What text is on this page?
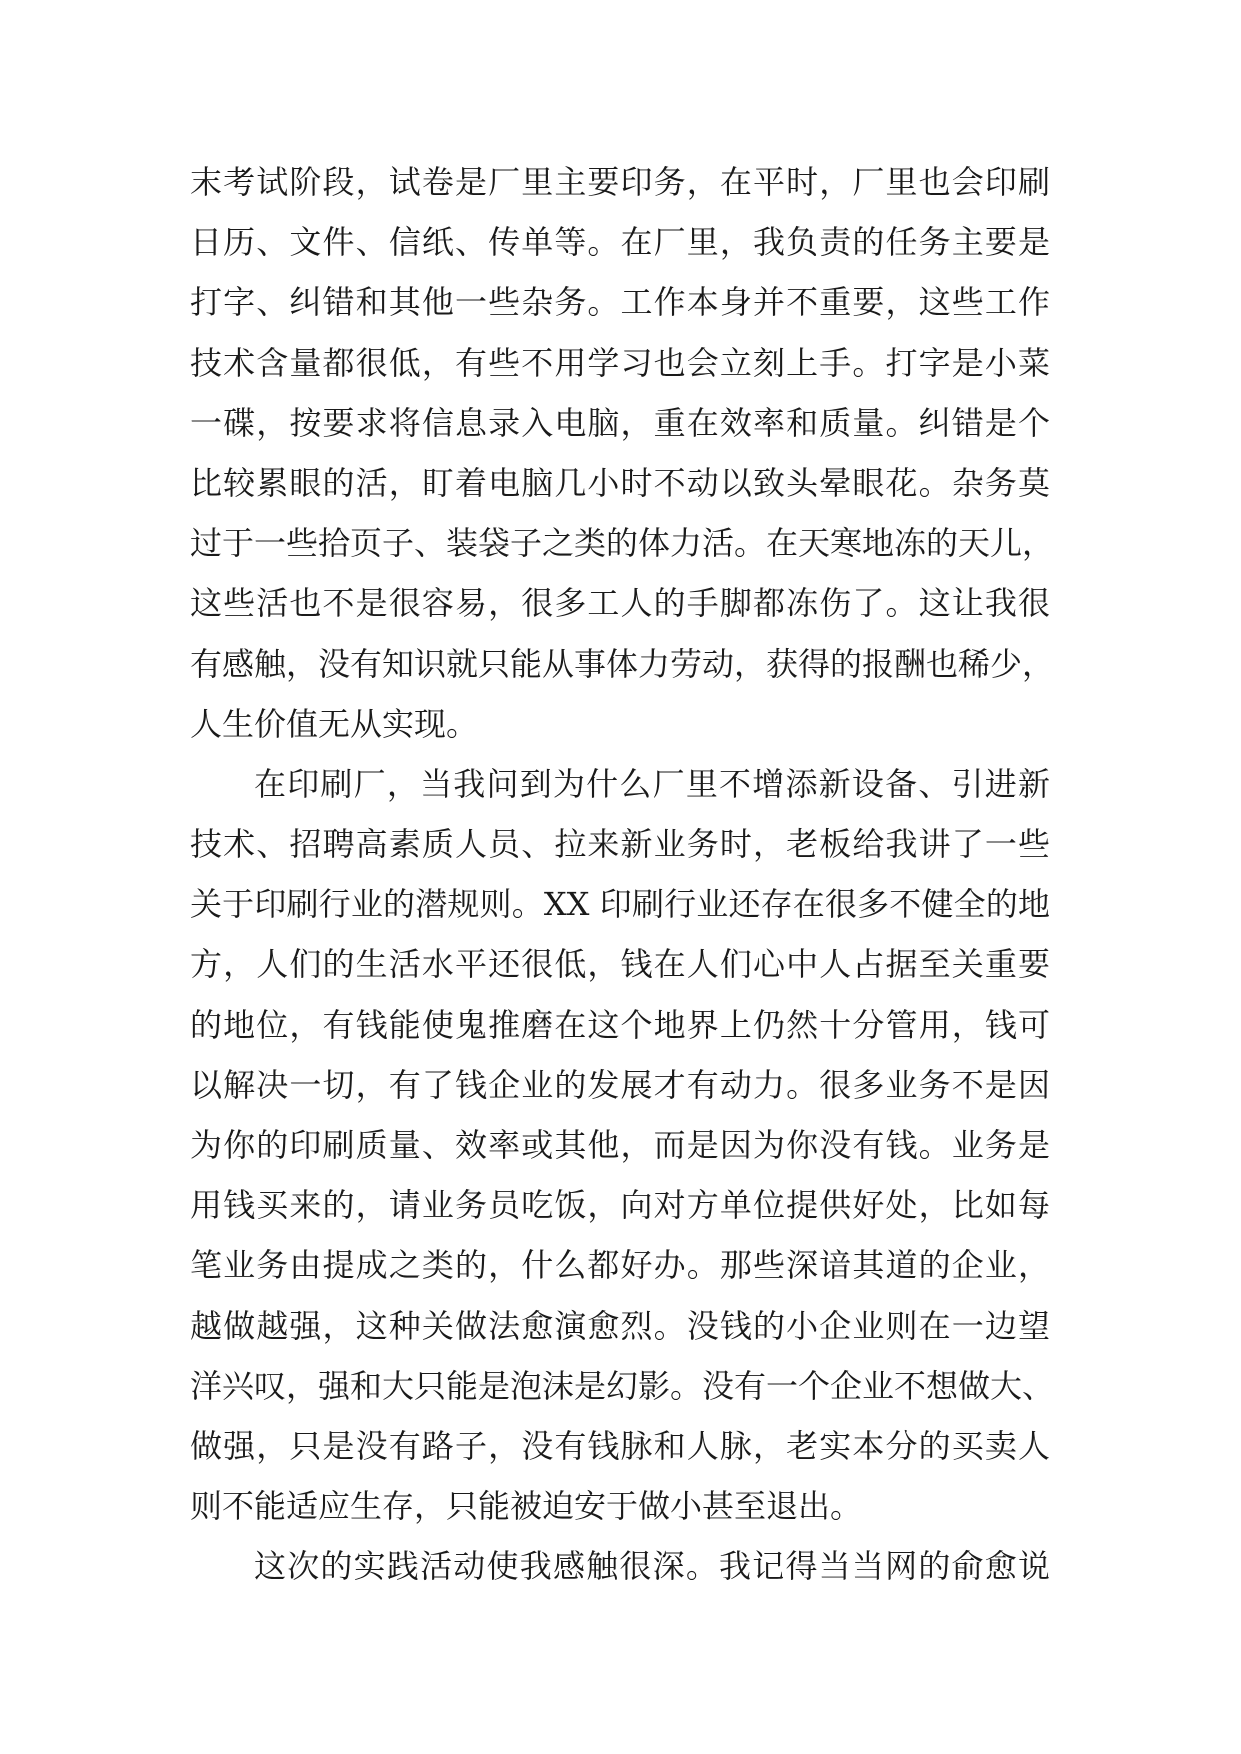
末考试阶段，试卷是厂里主要印务，在平时，厂里也会印刷
日历、文件、信纸、传单等。在厂里，我负责的任务主要是
打字、纠错和其他一些杂务。工作本身并不重要，这些工作
技术含量都很低，有些不用学习也会立刻上手。打字是小菜
一碟，按要求将信息录入电脑，重在效率和质量。纠错是个
比较累眼的活，盯着电脑几小时不动以致头晕眼花。杂务莫
过于一些拾页子、装袋子之类的体力活。在天寒地冻的天儿，
这些活也不是很容易，很多工人的手脚都冻伤了。这让我很
有感触，没有知识就只能从事体力劳动，获得的报酬也稀少，
人生价值无从实现。
在印刷厂，当我问到为什么厂里不增添新设备、引进新
技术、招聘高素质人员、拉来新业务时，老板给我讲了一些
关于印刷行业的潜规则。XX 印刷行业还存在很多不健全的地
方，人们的生活水平还很低，钱在人们心中人占据至关重要
的地位，有钱能使鬼推磨在这个地界上仍然十分管用，钱可
以解决一切，有了钱企业的发展才有动力。很多业务不是因
为你的印刷质量、效率或其他，而是因为你没有钱。业务是
用钱买来的，请业务员吃饭，向对方单位提供好处，比如每
笔业务由提成之类的，什么都好办。那些深谙其道的企业，
越做越强，这种关做法愈演愈烈。没钱的小企业则在一边望
洋兴叹，强和大只能是泡沫是幻影。没有一个企业不想做大、
做强，只是没有路子，没有钱脉和人脉，老实本分的买卖人
则不能适应生存，只能被迫安于做小甚至退出。
这次的实践活动使我感触很深。我记得当当网的俞愈说
